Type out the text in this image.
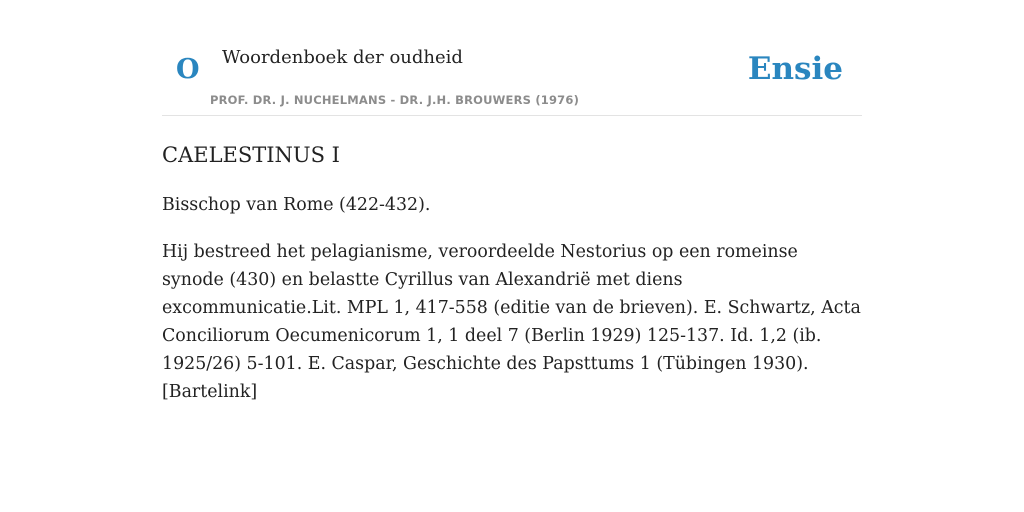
O Woordenboek der oudheid	Ensie
PROF. DR. J. NUCHELMANS - DR. J.H. BROUWERS (1976)
CAELESTINUS I

Bisschop van Rome (422-432).

Hij bestreed het pelagianisme, veroordeelde Nestorius op een romeinse synode (430) en belastte Cyrillus van Alexandrië met diens excommunicatie.Lit. MPL 1, 417-558 (editie van de brieven). E. Schwartz, Acta Conciliorum Oecumenicorum 1, 1 deel 7 (Berlin 1929) 125-137. Id. 1,2 (ib. 1925/26) 5-101. E. Caspar, Geschichte des Papsttums 1 (Tübingen 1930). [Bartelink]
